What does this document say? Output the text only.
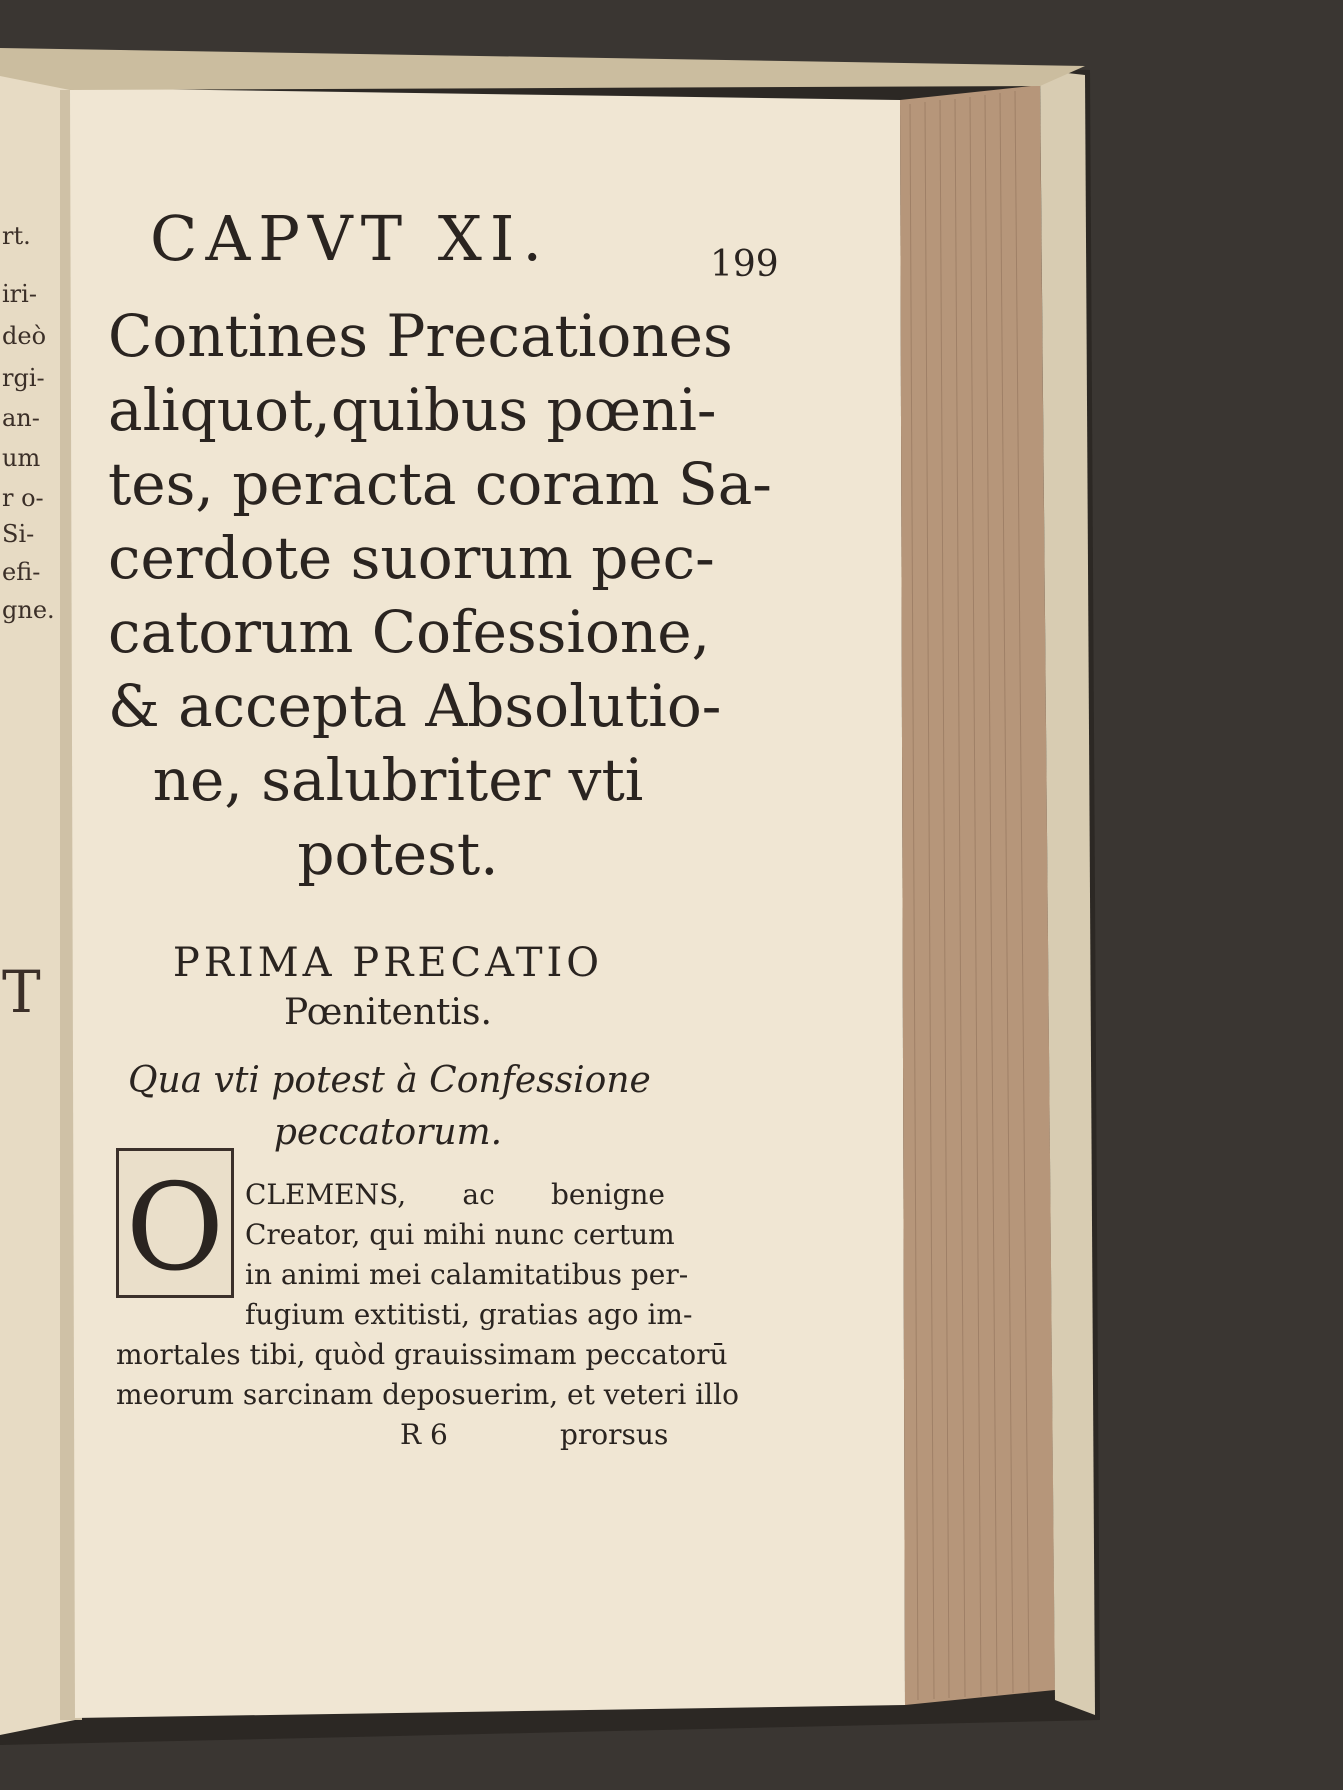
CAPVT XI.	199
Contines Precationes
aliquot,quibus pœni-
tes, peracta coram Sa-
cerdote suorum pec-
catorum Cofessione,
& accepta Absolutio-
ne, salubriter vti
potest.
PRIMA PRECATIO
Pœnitentis.
Qua vti potest à Confessione
peccatorum.
O CLEMENS, ac benigne
Creator, qui mihi nunc certum
in animi mei calamitatibus per-
fugium extitisti, gratias ago im-
mortales tibi, quòd grauissimam peccatorū
meorum sarcinam deposuerim, et veteri illo
R 6	prorsus
rt.
iri-
deò
rgi-
an-
um
r o-
Si-
efi-
gne.
T
